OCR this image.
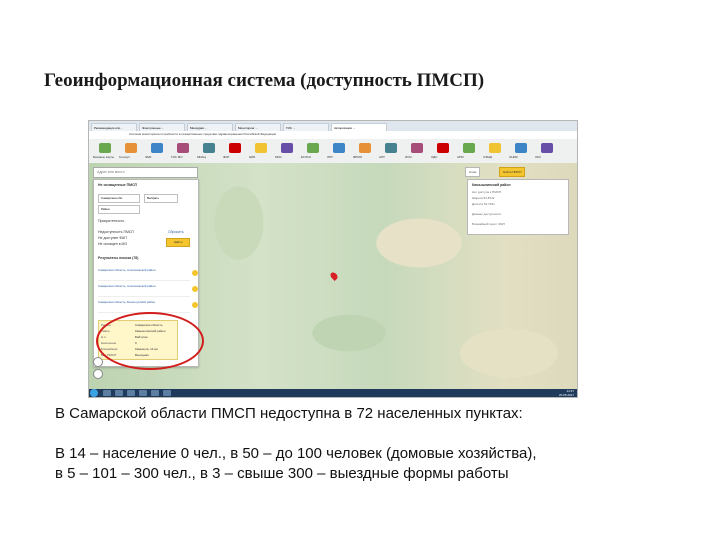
Геоинформационная система (доступность ПМСП)
Рекомендации кли...	Электронные ...	Минздрав ...	Мониторинг ...	ГИС ...	Авторизация ...
Система мониторинга потребности в лекарственных средствах здравоохранения Российской Федерации
Базовые карты Геопорт	ЭМК	ГИС МО	МИАЦ	ФАП	ЦРБ	МИС	ЕГИСЗ	ЛПУ	ФРМО	АПУ	ИОО	ОДС	АРМ	СЭМД	ОНМК	ОКС
Адрес или место
Не оснащенные ПМСП
Самарская обл.	Выбрать
Район
Приоритетность
Недоступность ПМСП
Не доступен ФАП
Не оснащен в МО	Найти
Сбросить
Результаты поиска (78)
Самарская область, Алексеевский район
Самарская область, Алексеевский район
Самарская область, Безенчукский район
Регион	Самарская область
Район	Камышлинский район
Н.п.	Байтуган
Население	0
Ближайшая	Камышла, 14 км
Вид ПМСП	Выездная
Слои	Найти ПМСП
Камышлинский район
Нет доступа к ПМСП
Широта 53.8742
Долгота 51.7431
Данные доступности
Ближайший пункт: ФАП
14:37
20.05.2017
В Самарской области ПМСП недоступна в 72 населенных пунктах:
В 14 – население 0 чел., в 50 – до 100 человек (домовые хозяйства),
в 5 – 101 – 300 чел., в 3 – свыше 300 – выездные формы работы
